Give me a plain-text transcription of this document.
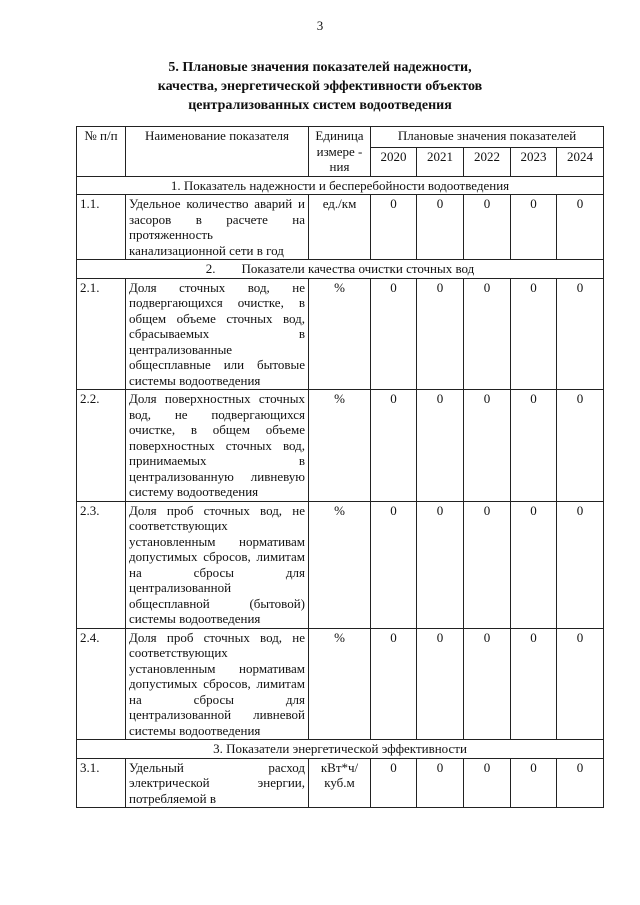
3
5. Плановые значения показателей надежности,
качества, энергетической эффективности объектов
централизованных систем водоотведения
№ п/п	Наименование показателя	Единица измере - ния	Плановые значения показателей				
			2020	2021	2022	2023	2024
1. Показатель надежности и бесперебойности водоотведения							
1.1.	Удельное количество аварий и засоров в расчете на протяженность канализационной сети в год	ед./км	0	0	0	0	0
2.        Показатели качества очистки сточных вод							
2.1.	Доля сточных вод, не подвергающихся очистке, в общем объеме сточных вод, сбрасываемых в централизованные общесплавные или бытовые системы водоотведения	%	0	0	0	0	0
2.2.	Доля поверхностных сточных вод, не подвергающихся очистке, в общем объеме поверхностных сточных вод, принимаемых в централизованную ливневую систему водоотведения	%	0	0	0	0	0
2.3.	Доля проб сточных вод, не соответствующих установленным нормативам допустимых сбросов, лимитам на сбросы для централизованной общесплавной (бытовой) системы водоотведения	%	0	0	0	0	0
2.4.	Доля проб сточных вод, не соответствующих установленным нормативам допустимых сбросов, лимитам на сбросы для централизованной ливневой системы водоотведения	%	0	0	0	0	0
3. Показатели энергетической эффективности							
3.1.	Удельный расход электрической энергии, потребляемой в	кВт*ч/ куб.м	0	0	0	0	0
